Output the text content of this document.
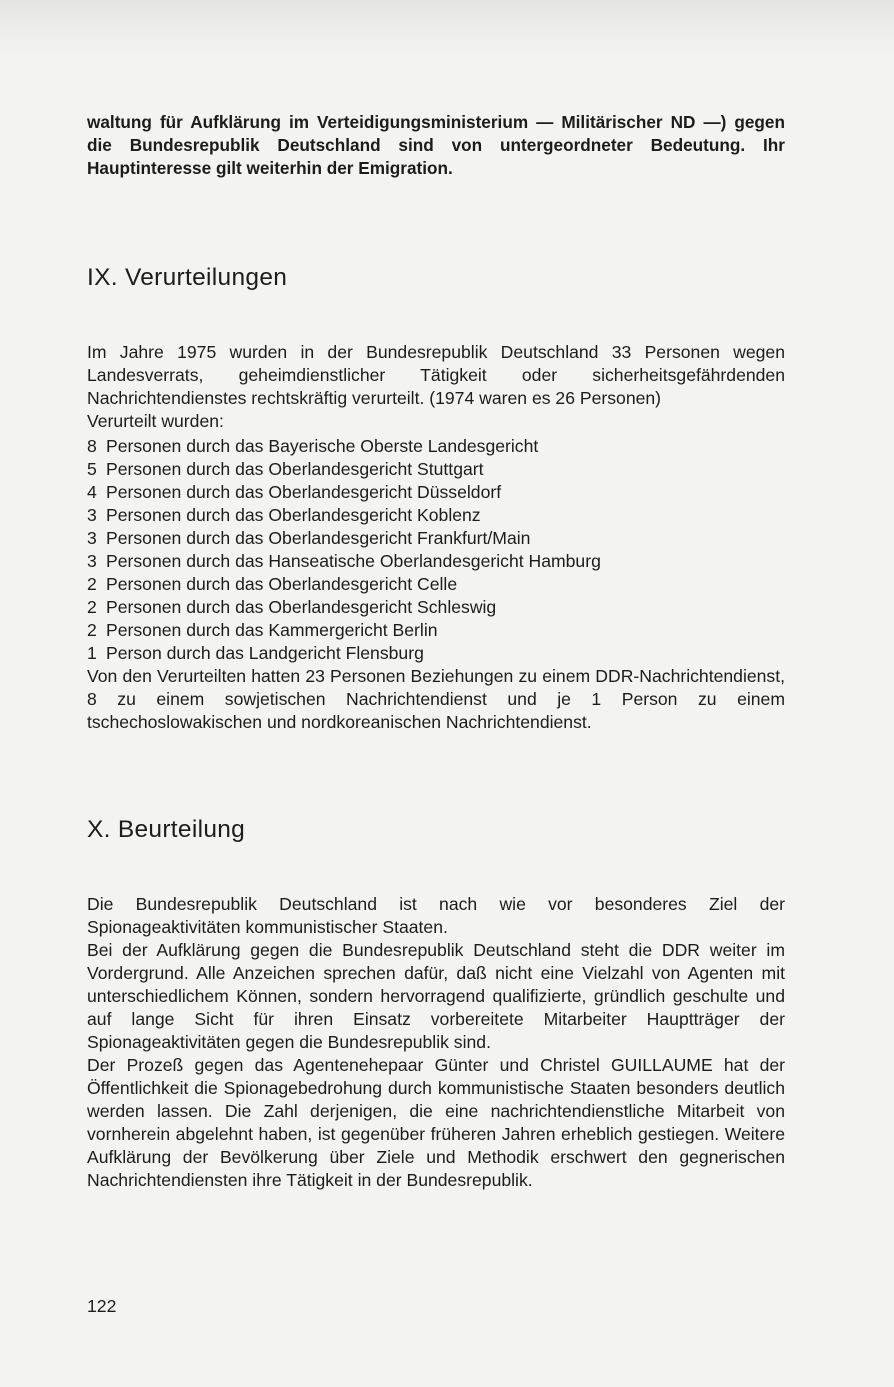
waltung für Aufklärung im Verteidigungsministerium — Militärischer ND —) gegen die Bundesrepublik Deutschland sind von untergeordneter Bedeutung. Ihr Hauptinteresse gilt weiterhin der Emigration.

IX. Verurteilungen

Im Jahre 1975 wurden in der Bundesrepublik Deutschland 33 Personen wegen Landesverrats, geheimdienstlicher Tätigkeit oder sicherheitsgefährdenden Nachrichtendienstes rechtskräftig verurteilt. (1974 waren es 26 Personen)

Verurteilt wurden:

8 Personen durch das Bayerische Oberste Landesgericht
5 Personen durch das Oberlandesgericht Stuttgart
4 Personen durch das Oberlandesgericht Düsseldorf
3 Personen durch das Oberlandesgericht Koblenz
3 Personen durch das Oberlandesgericht Frankfurt/Main
3 Personen durch das Hanseatische Oberlandesgericht Hamburg
2 Personen durch das Oberlandesgericht Celle
2 Personen durch das Oberlandesgericht Schleswig
2 Personen durch das Kammergericht Berlin
1 Person durch das Landgericht Flensburg

Von den Verurteilten hatten 23 Personen Beziehungen zu einem DDR-Nachrichtendienst, 8 zu einem sowjetischen Nachrichtendienst und je 1 Person zu einem tschechoslowakischen und nordkoreanischen Nachrichtendienst.

X. Beurteilung

Die Bundesrepublik Deutschland ist nach wie vor besonderes Ziel der Spionageaktivitäten kommunistischer Staaten.

Bei der Aufklärung gegen die Bundesrepublik Deutschland steht die DDR weiter im Vordergrund. Alle Anzeichen sprechen dafür, daß nicht eine Vielzahl von Agenten mit unterschiedlichem Können, sondern hervorragend qualifizierte, gründlich geschulte und auf lange Sicht für ihren Einsatz vorbereitete Mitarbeiter Hauptträger der Spionageaktivitäten gegen die Bundesrepublik sind.

Der Prozeß gegen das Agentenehepaar Günter und Christel GUILLAUME hat der Öffentlichkeit die Spionagebedrohung durch kommunistische Staaten besonders deutlich werden lassen. Die Zahl derjenigen, die eine nachrichtendienstliche Mitarbeit von vornherein abgelehnt haben, ist gegenüber früheren Jahren erheblich gestiegen. Weitere Aufklärung der Bevölkerung über Ziele und Methodik erschwert den gegnerischen Nachrichtendiensten ihre Tätigkeit in der Bundesrepublik.

122
